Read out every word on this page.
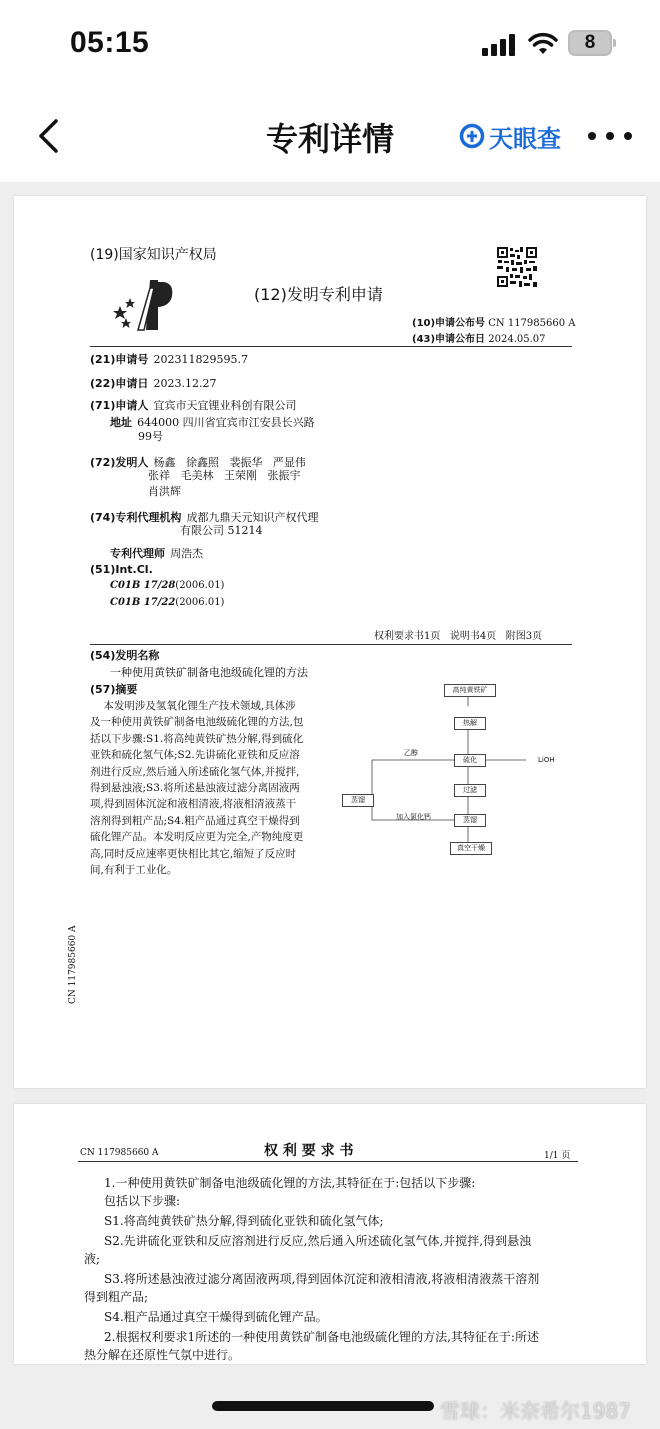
05:15	8
专利详情	天眼查
(19)国家知识产权局
(12)发明专利申请
(10)申请公布号 CN 117985660 A
(43)申请公布日 2024.05.07
(21)申请号 202311829595.7
(22)申请日 2023.12.27
(71)申请人 宜宾市天宜锂业科创有限公司
地址 644000 四川省宜宾市江安县长兴路
99号
(72)发明人 杨鑫   徐鑫照   裴振华   严显伟
张祥   毛美林   王荣刚   张振宇
肖洪辉
(74)专利代理机构 成都九鼎天元知识产权代理
有限公司 51214
专利代理师 周浩杰
(51)Int.Cl.
C01B 17/28(2006.01)
C01B 17/22(2006.01)
权利要求书1页   说明书4页   附图3页
(54)发明名称
一种使用黄铁矿制备电池级硫化锂的方法
(57)摘要
本发明涉及氢氧化锂生产技术领域,具体涉
及一种使用黄铁矿制备电池级硫化锂的方法,包
括以下步骤:S1.将高纯黄铁矿热分解,得到硫化
亚铁和硫化氢气体;S2.先讲硫化亚铁和反应溶
剂进行反应,然后通入所述硫化氢气体,并搅拌,
得到悬浊液;S3.将所述悬浊液过滤分离固液两
项,得到固体沉淀和液相清液,将液相清液蒸干
溶剂得到粗产品;S4.粗产品通过真空干燥得到
硫化锂产品。本发明反应更为完全,产物纯度更
高,同时反应速率更快相比其它,缩短了反应时
间,有利于工业化。
高纯黄铁矿
热解
硫化
过滤
蒸馏
真空干燥
蒸馏
乙醇
LiOH
加入氯化钙
CN 117985660 A
CN 117985660 A	权 利 要 求 书	1/1 页
1.一种使用黄铁矿制备电池级硫化锂的方法,其特征在于:包括以下步骤:
包括以下步骤:
S1.将高纯黄铁矿热分解,得到硫化亚铁和硫化氢气体;
S2.先讲硫化亚铁和反应溶剂进行反应,然后通入所述硫化氢气体,并搅拌,得到悬浊
液;
S3.将所述悬浊液过滤分离固液两项,得到固体沉淀和液相清液,将液相清液蒸干溶剂
得到粗产品;
S4.粗产品通过真空干燥得到硫化锂产品。
2.根据权利要求1所述的一种使用黄铁矿制备电池级硫化锂的方法,其特征在于:所述
热分解在还原性气氛中进行。
雪球：米奈希尔1987
